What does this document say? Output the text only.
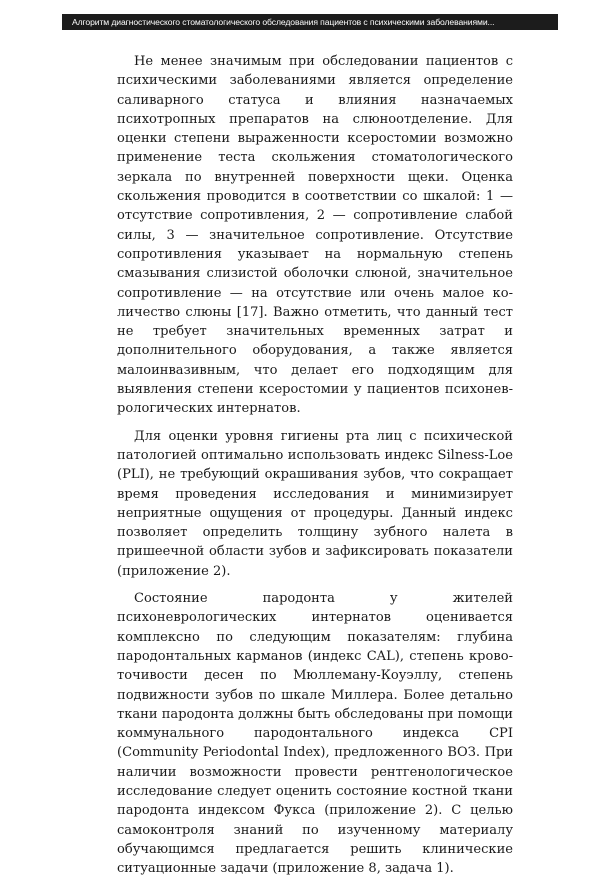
Алгоритм диагностического стоматологического обследования пациентов с психическими заболеваниями...

Не менее значимым при обследовании пациентов с психическими заболеваниями является определение саливарного статуса и влияния назначаемых психотропных препаратов на слюноотделение. Для оценки степени выраженности ксеростомии возможно применение теста скольжения стоматологического зеркала по внутренней поверхности щеки. Оценка скольжения проводится в соответствии со шкалой: 1 — отсутствие сопротивления, 2 — сопротивление слабой силы, 3 — значительное сопротивление. Отсутствие сопротивления указывает на нормальную степень смазывания слизистой оболочки слюной, значительное сопротивление — на отсутствие или очень малое количество слюны [17]. Важно отметить, что данный тест не требует значительных временных затрат и дополнительного оборудования, а также является малоинвазивным, что делает его подходящим для выявления степени ксеростомии у пациентов психоневрологических интернатов.

Для оценки уровня гигиены рта лиц с психической патологией оптимально использовать индекс Silness-Loe (PLI), не требующий окрашивания зубов, что сокращает время проведения исследования и минимизирует неприятные ощущения от процедуры. Данный индекс позволяет определить толщину зубного налета в пришеечной области зубов и зафиксировать показатели (приложение 2).

Состояние пародонта у жителей психоневрологических интернатов оценивается комплексно по следующим показателям: глубина пародонтальных карманов (индекс CAL), степень кровоточивости десен по Мюллеману-Коуэллу, степень подвижности зубов по шкале Миллера. Более детально ткани пародонта должны быть обследованы при помощи коммунального пародонтального индекса CPI (Community Periodontal Index), предложенного ВОЗ. При наличии возможности провести рентгенологическое исследование следует оценить состояние костной ткани пародонта индексом Фукса (приложение 2). С целью самоконтроля знаний по изученному материалу обучающимся предлагается решить клинические ситуационные задачи (приложение 8, задача 1).
